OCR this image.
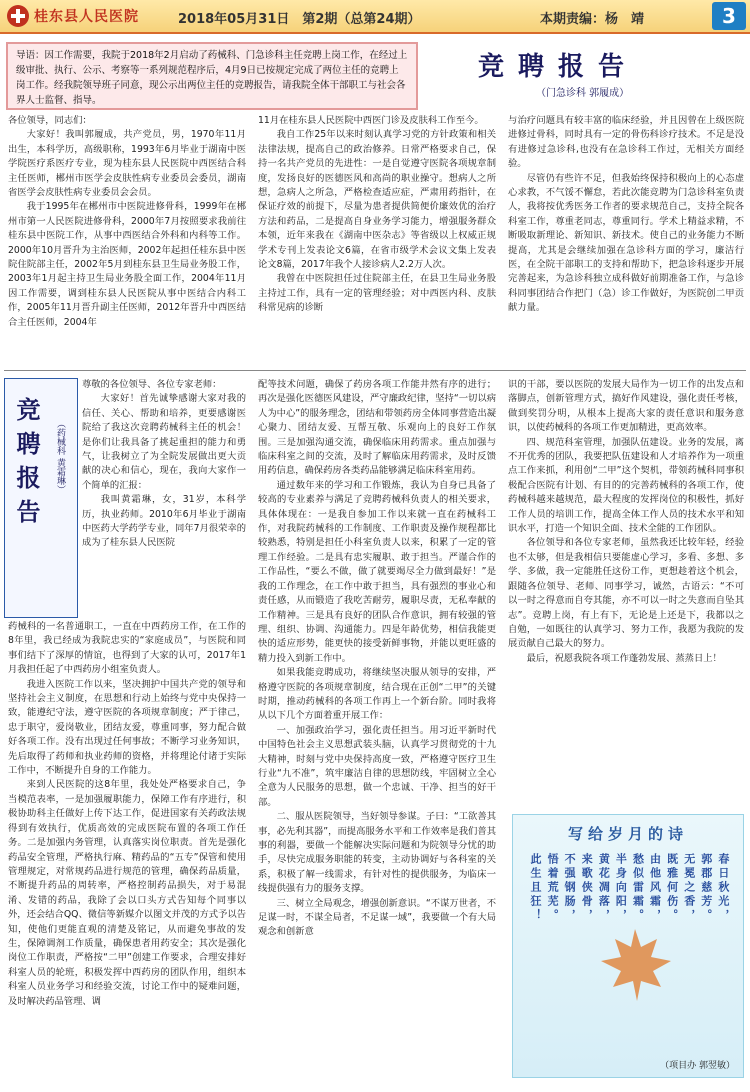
桂东县人民医院	2018年05月31日　第2期（总第24期）	本期责编：杨　靖	3

导语：因工作需要，我院于2018年2月启动了药械科、门急诊科主任竞聘上岗工作，在经过上级审批、执行、公示、考察等一系列规范程序后，4月9日已按规定完成了两位主任的竞聘上岗工作。经我院领导班子同意，现公示出两位主任的竞聘报告，请我院全体干部职工与社会各界人士监督、指导。

竞聘报告
（门急诊科 郭履成）

各位领导，同志们：

大家好！我叫郭履成，共产党员，男，1970年11月出生，本科学历，高级职称，1993年6月毕业于湖南中医学院医疗系医疗专业，现为桂东县人民医院中西医结合科主任医师，郴州市医学会皮肤性病专业委员会委员，湖南省医学会皮肤性病专业委员会会员。

我于1995年在郴州市中医院进修骨科，1999年在郴州市第一人民医院进修骨科，2000年7月按照要求我前往桂东县中医院工作，从事中西医结合外科和内科等工作。2000年10月晋升为主治医师，2002年起担任桂东县中医院住院部主任，2002年5月到桂东县卫生局业务股工作，2003年1月起主持卫生局业务股全面工作，2004年11月因工作需要，调到桂东县人民医院从事中医结合内科工作，2005年11月晋升副主任医师，2012年晋升中西医结合主任医师，2004年

11月在桂东县人民医院中西医门诊及皮肤科工作至今。

我自工作25年以来时刻认真学习党的方针政策和相关法律法规，提高自己的政治修养。日常严格要求自己，保持一名共产党员的先进性：一是自觉遵守医院各项规章制度，发扬良好的医德医风和高尚的职业操守。想病人之所想，急病人之所急，严格检查适应症，严肃用药指针，在保证疗效的前提下，尽量为患者提供简便价廉效优的治疗方法和药品，二是提高自身业务学习能力，增强服务群众本领，近年来我在《湖南中医杂志》等省级以上权威正规学术专刊上发表论文6篇，在省市级学术会议文集上发表论文8篇，2017年我个人接诊病人2.2万人次。

我曾在中医院担任过住院部主任，在县卫生局业务股主持过工作，具有一定的管理经验；对中西医内科、皮肤科常见病的诊断

与治疗问题具有较丰富的临床经验，并且因曾在上级医院进修过骨科，同时具有一定的骨伤科诊疗技术。不足是没有进修过急诊科,也没有在急诊科工作过，无相关方面经验。

尽管仍有些许不足，但我始终保持积极向上的心态虚心求教，不气馁不懈怠，若此次能竞聘为门急诊科室负责人，我将按优秀医务工作者的要求规范自己，支持全院各科室工作，尊重老同志，尊重同行。学术上精益求精，不断吸取新理论、新知识、新技术。使自己的业务能力不断提高，尤其是会继续加强在急诊科方面的学习，廉洁行医，在全院干部职工的支持和帮助下，把急诊科逐步开展完善起来，为急诊科独立成科做好前期准备工作，与急诊科同事团结合作把门（急）诊工作做好，为医院创二甲贡献力量。

竞聘报告	（药械科 黄霜琳）

尊敬的各位领导、各位专家老师：

大家好！首先诚挚感谢大家对我的信任、关心、帮助和培养，更要感谢医院给了我这次竞聘药械科主任的机会！是你们让我具备了挑起重担的能力和勇气，让我树立了为全院发展做出更大贡献的决心和信心，现在，我向大家作一个简单的汇报：

我叫黄霜琳，女，31岁，本科学历，执业药师。2010年6月毕业于湖南中医药大学药学专业，同年7月很荣幸的成为了桂东县人民医院

药械科的一名普通职工，一直在中西药房工作，在工作的8年里，我已经成为我院忠实的“家庭成员”，与医院和同事们结下了深厚的情谊，也得到了大家的认可，2017年1月我担任起了中西药房小组室负责人。

我进入医院工作以来，坚决拥护中国共产党的领导和坚持社会主义制度，在思想和行动上始终与党中央保持一致，能遵纪守法，遵守医院的各项规章制度；严于律己，忠于职守，爱岗敬业，团结友爱，尊重同事，努力配合做好各项工作。没有出现过任何事故；不断学习业务知识，先后取得了药师和执业药师的资格，并将理论付诸于实际工作中，不断提升自身的工作能力。

来到人民医院的这8年里，我处处严格要求自己，争当模范表率，一是加强履职能力，保障工作有序进行，积极协助科主任做好上传下达工作，促进国家有关药政法规得到有效执行，优质高效的完成医院布置的各项工作任务。二是加强内务管理，认真落实岗位职责。首先是强化药品安全管理，严格执行麻、精药品的“五专”保管和使用管理规定，对常规药品进行规范的管理，确保药品质量，不断提升药品的周转率，严格控制药品损失，对于易混淆、发错的药品，我除了会以口头方式告知每个同事以外，还会结合QQ、微信等新媒介以图文并茂的方式予以告知，使他们更能直观的清楚及铭记，从而避免事故的发生，保障调剂工作质量，确保患者用药安全；其次是强化岗位工作职责，严格按“二甲”创建工作要求，合理安排好科室人员的轮班，积极发挥中西药房的团队作用，组织本科室人员业务学习和经验交流，讨论工作中的疑难问题，及时解决药品管理、调

配等技术问题，确保了药房各项工作能井然有序的进行；再次是强化医德医风建设，严守廉政纪律，坚持“一切以病人为中心”的服务理念，团结和带领药房全体同事营造出凝心聚力、团结友爱、互帮互敬、乐观向上的良好工作氛围。三是加强沟通交流，确保临床用药需求。重点加强与临床科室之间的交流，及时了解临床用药需求，及时反馈用药信息，确保药房各类药品能够满足临床科室用药。

通过数年来的学习和工作锻炼，我认为自身已具备了较高的专业素养与满足了竞聘药械科负责人的相关要求，具体体现在：一是我自参加工作以来就一直在药械科工作，对我院药械科的工作制度、工作职责及操作规程都比较熟悉，特别是担任小科室负责人以来，积累了一定的管理工作经验。二是具有忠实履职、敢于担当。严谨合作的工作品性，“要么不做，做了就要竭尽全力做到最好！”是我的工作理念，在工作中敢于担当，具有强烈的事业心和责任感，从而锻造了我吃苦耐劳，履职尽责，无私奉献的工作精神。三是具有良好的团队合作意识，拥有较强的管理、组织、协调、沟通能力。四是年龄优势，相信我能更快的适应形势，能更快的接受新鲜事物，并能以更旺盛的精力投入到新工作中。

如果我能竞聘成功，将继续坚决服从领导的安排，严格遵守医院的各项规章制度，结合现在正创“二甲”的关键时期，推动药械科的各项工作再上一个新台阶。同时我将从以下几个方面着重开展工作：

一、加强政治学习，强化责任担当。用习近平新时代中国特色社会主义思想武装头脑，认真学习贯彻党的十九大精神，时刻与党中央保持高度一致，严格遵守医疗卫生行业“九不准”，筑牢廉洁自律的思想防线，牢固树立全心全意为人民服务的思想，做一个忠诚、干净、担当的好干部。

二、服从医院领导，当好领导参谋。子曰：“工欲善其事，必先利其器”，而提高服务水平和工作效率是我们普其事的利器，要做一个能解决实际问题和为院领导分忧的助手，尽快完成服务职能的转变，主动协调好与各科室的关系，积极了解一线需求，有针对性的提供服务，为临床一线提供强有力的服务支撑。

三、树立全局观念，增强创新意识。“不谋万世者，不足谋一时，不谋全局者，不足谋一域”，我要做一个有大局观念和创新意

识的干部，要以医院的发展大局作为一切工作的出发点和落脚点，创新管理方式，搞好作风建设，强化责任考核，做到奖罚分明，从根本上提高大家的责任意识和服务意识，以使药械科的各项工作更加精进，更高效率。

四、规范科室管理，加强队伍建设。业务的发展，离不开优秀的团队，我要把队伍建设和人才培养作为一项重点工作来抓，利用创“二甲”这个契机，带领药械科同事积极配合医院有计划、有目的的完善药械科的各项工作，使药械科越来越规范，最大程度的发挥岗位的积极性，抓好工作人员的培训工作，提高全体工作人员的技术水平和知识水平，打造一个知识全面、技术全能的工作团队。

各位领导和各位专家老师，虽然我还比较年轻，经验也不太够，但是我相信只要能虚心学习，多看、多想、多学、多做，我一定能胜任这份工作，更想趁着这个机会，跟随各位领导、老师、同事学习，诚然，古语云：“不可以一时之得意而自夸其能，亦不可以一时之失意而自坠其志”。竞聘上岗，有上有下，无论是上还是下，我都以之自勉，一如既往的认真学习、努力工作，我愿为我院的发展贡献自己最大的努力。

最后，祝愿我院各项工作蓬勃发展、蒸蒸日上！

写给岁月的诗
春日秋光，
郭郡慈芳。
无冕之香，
既雅何伤。
由他风霜，
愁似雷霜。
半身向阳，
黄花凋落，
来歌侠骨，
不强钢肠，
悟着荒芜。
此生且狂！
（项目办 郭翌敏）
